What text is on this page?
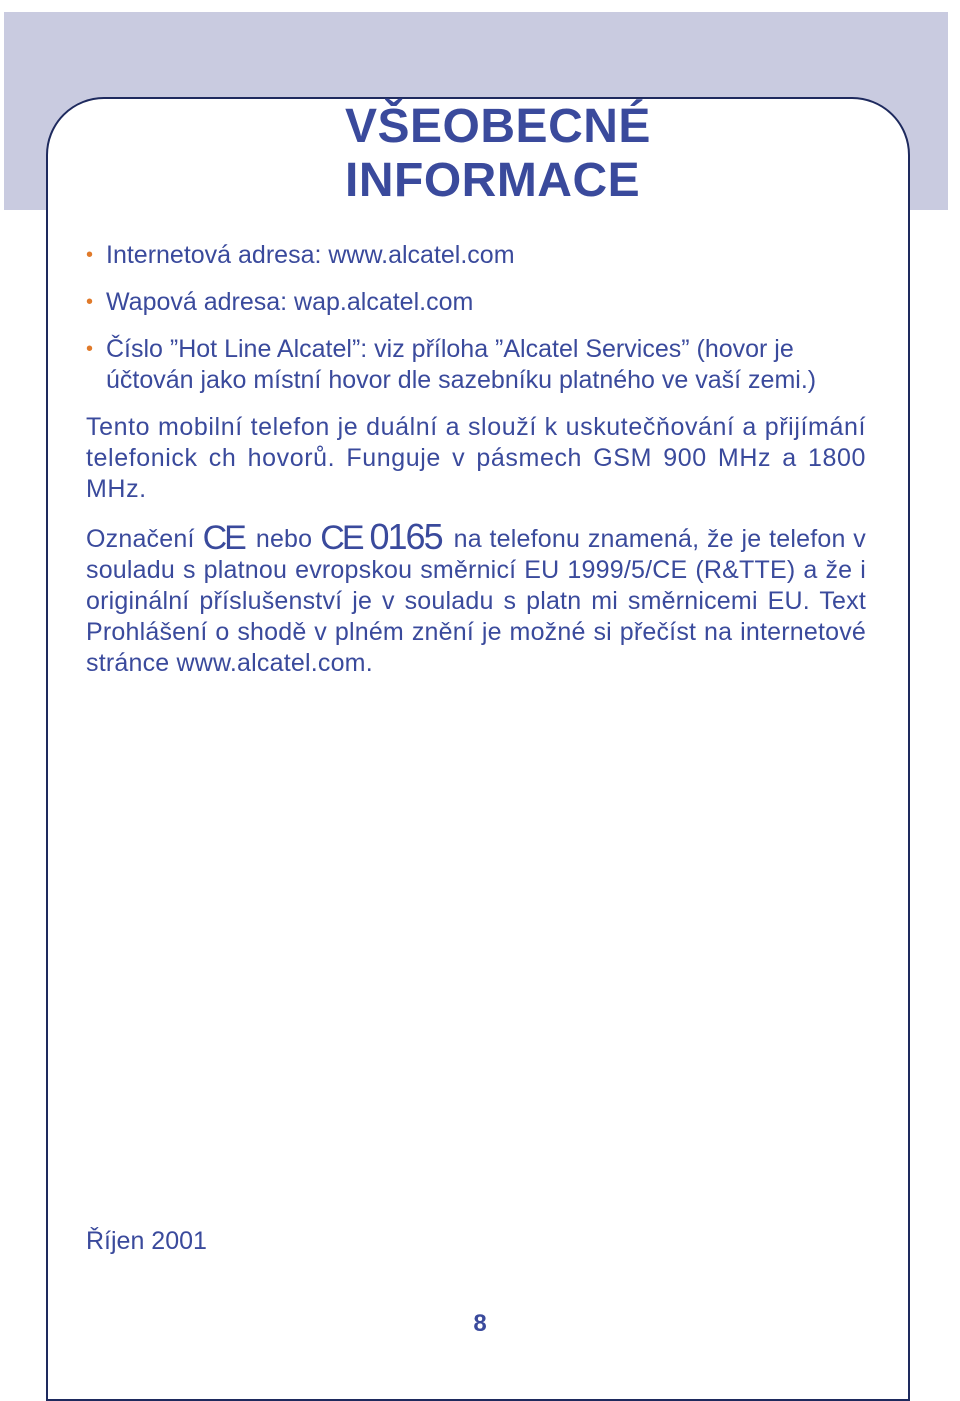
VŠEOBECNÉ
INFORMACE
• Internetová adresa: www.alcatel.com
• Wapová adresa: wap.alcatel.com
• Číslo ”Hot Line Alcatel”: viz příloha ”Alcatel Services” (hovor je účtován jako místní hovor dle sazebníku platného ve vaší zemi.)

Tento mobilní telefon je duální a slouží k uskutečňování a přijímání telefonick ch hovorů. Funguje v pásmech GSM 900 MHz a 1800 MHz.

Označení CE nebo CE 0165 na telefonu znamená, že je telefon v souladu s platnou evropskou směrnicí EU 1999/5/CE (R&TTE) a že i originální příslušenství je v souladu s platn mi směrnicemi EU. Text Prohlášení o shodě v plném znění je možné si přečíst na internetové stránce www.alcatel.com.

Říjen 2001
8
